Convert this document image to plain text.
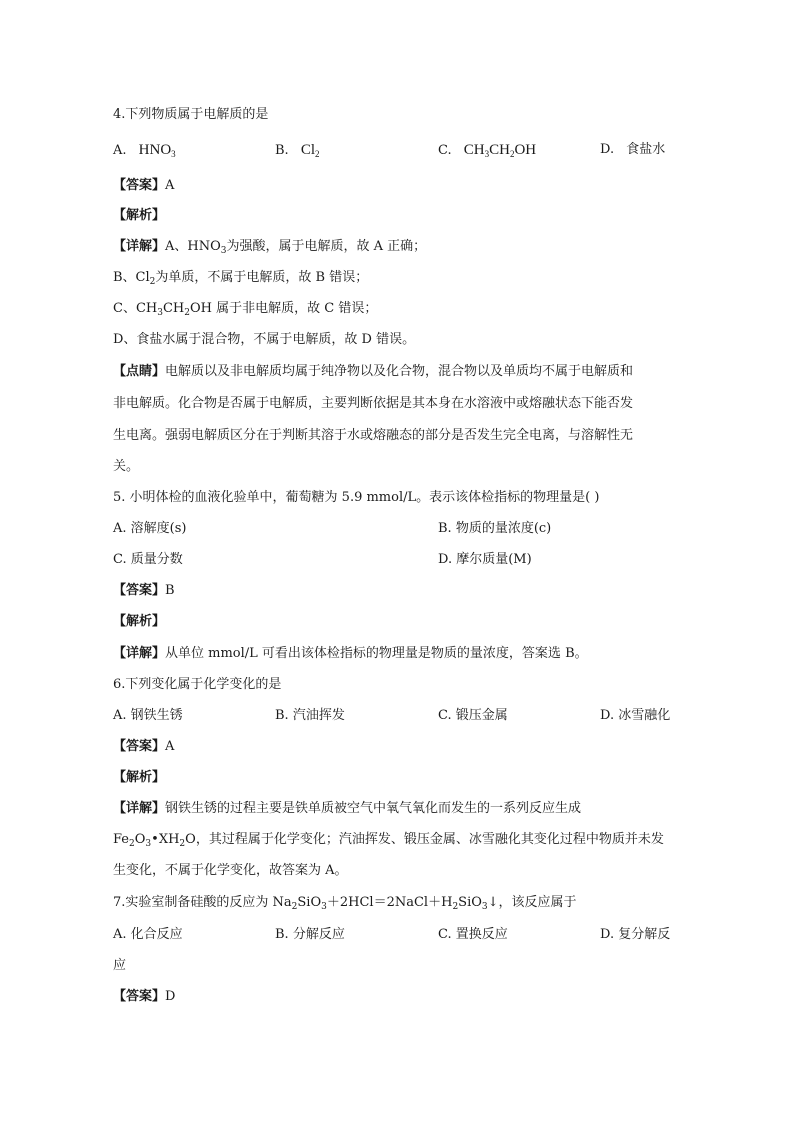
4.下列物质属于电解质的是
A. $HNO_3$	B. $Cl_2$	C. $CH_3CH_2OH$	D. 食盐水
【答案】A
【解析】
【详解】A、$HNO_3$为强酸，属于电解质，故 A 正确；
B、$Cl_2$为单质，不属于电解质，故 B 错误；
C、$CH_3CH_2OH$ 属于非电解质，故 C 错误；
D、食盐水属于混合物，不属于电解质，故 D 错误。
【点睛】电解质以及非电解质均属于纯净物以及化合物，混合物以及单质均不属于电解质和
非电解质。化合物是否属于电解质，主要判断依据是其本身在水溶液中或熔融状态下能否发
生电离。强弱电解质区分在于判断其溶于水或熔融态的部分是否发生完全电离，与溶解性无
关。
5. 小明体检的血液化验单中，葡萄糖为 5.9 mmol/L。表示该体检指标的物理量是( )
A. 溶解度(s)	B. 物质的量浓度(c)
C. 质量分数	D. 摩尔质量(M)
【答案】B
【解析】
【详解】从单位 mmol/L 可看出该体检指标的物理量是物质的量浓度，答案选 B。
6.下列变化属于化学变化的是
A. 钢铁生锈	B. 汽油挥发	C. 锻压金属	D. 冰雪融化
【答案】A
【解析】
【详解】钢铁生锈的过程主要是铁单质被空气中氧气氧化而发生的一系列反应生成
$Fe_2O_3•XH_2O$，其过程属于化学变化；汽油挥发、锻压金属、冰雪融化其变化过程中物质并未发
生变化，不属于化学变化，故答案为 A。
7.实验室制备硅酸的反应为 $Na_2SiO_3+2HCl=2NaCl+H_2SiO_3↓$，该反应属于
A. 化合反应	B. 分解反应	C. 置换反应	D. 复分解反
应
【答案】D
